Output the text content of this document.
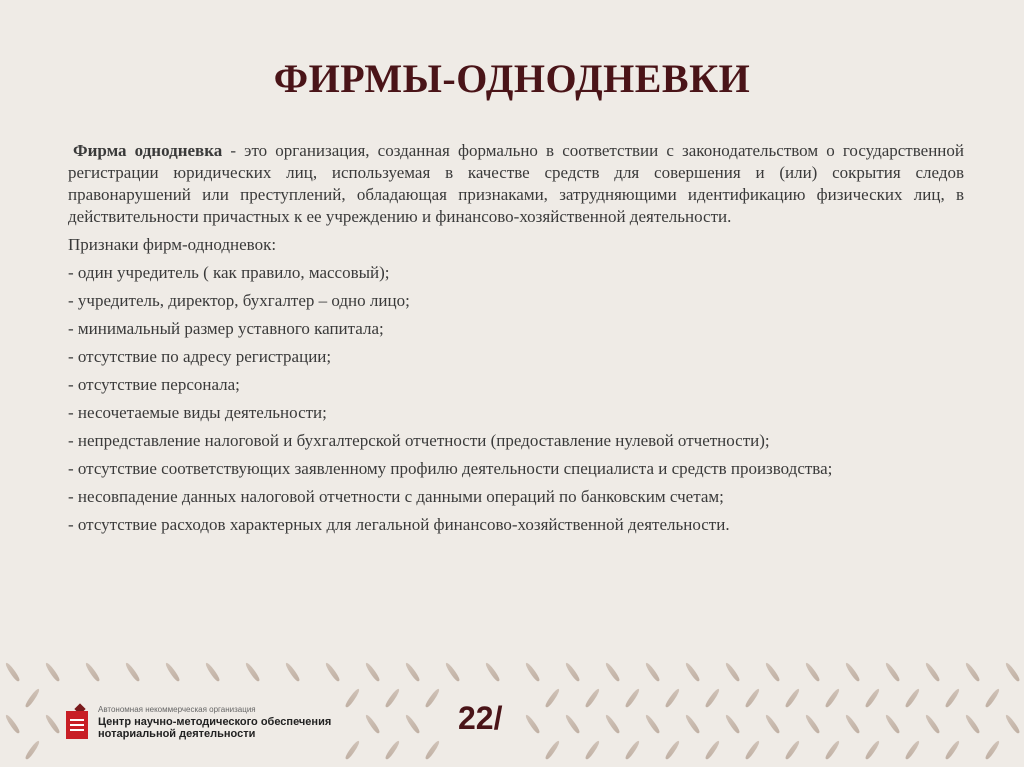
ФИРМЫ-ОДНОДНЕВКИ

Фирма однодневка - это организация, созданная формально в соответствии с законодательством о государственной регистрации юридических лиц, используемая в качестве средств для совершения и (или) сокрытия следов правонарушений или преступлений, обладающая признаками, затрудняющими идентификацию физических лиц, в действительности причастных к ее учреждению и финансово-хозяйственной деятельности.

Признаки фирм-однодневок:

- один учредитель ( как правило, массовый);
- учредитель, директор, бухгалтер – одно лицо;
- минимальный размер уставного капитала;
- отсутствие по адресу регистрации;
- отсутствие персонала;
- несочетаемые виды деятельности;
- непредставление налоговой и бухгалтерской отчетности (предоставление нулевой отчетности);
- отсутствие соответствующих заявленному профилю деятельности специалиста и средств производства;
- несовпадение данных налоговой отчетности с данными операций по банковским счетам;
- отсутствие расходов характерных для легальной финансово-хозяйственной деятельности.
Автономная некоммерческая организация
Центр научно-методического обеспечения
нотариальной деятельности	22/
